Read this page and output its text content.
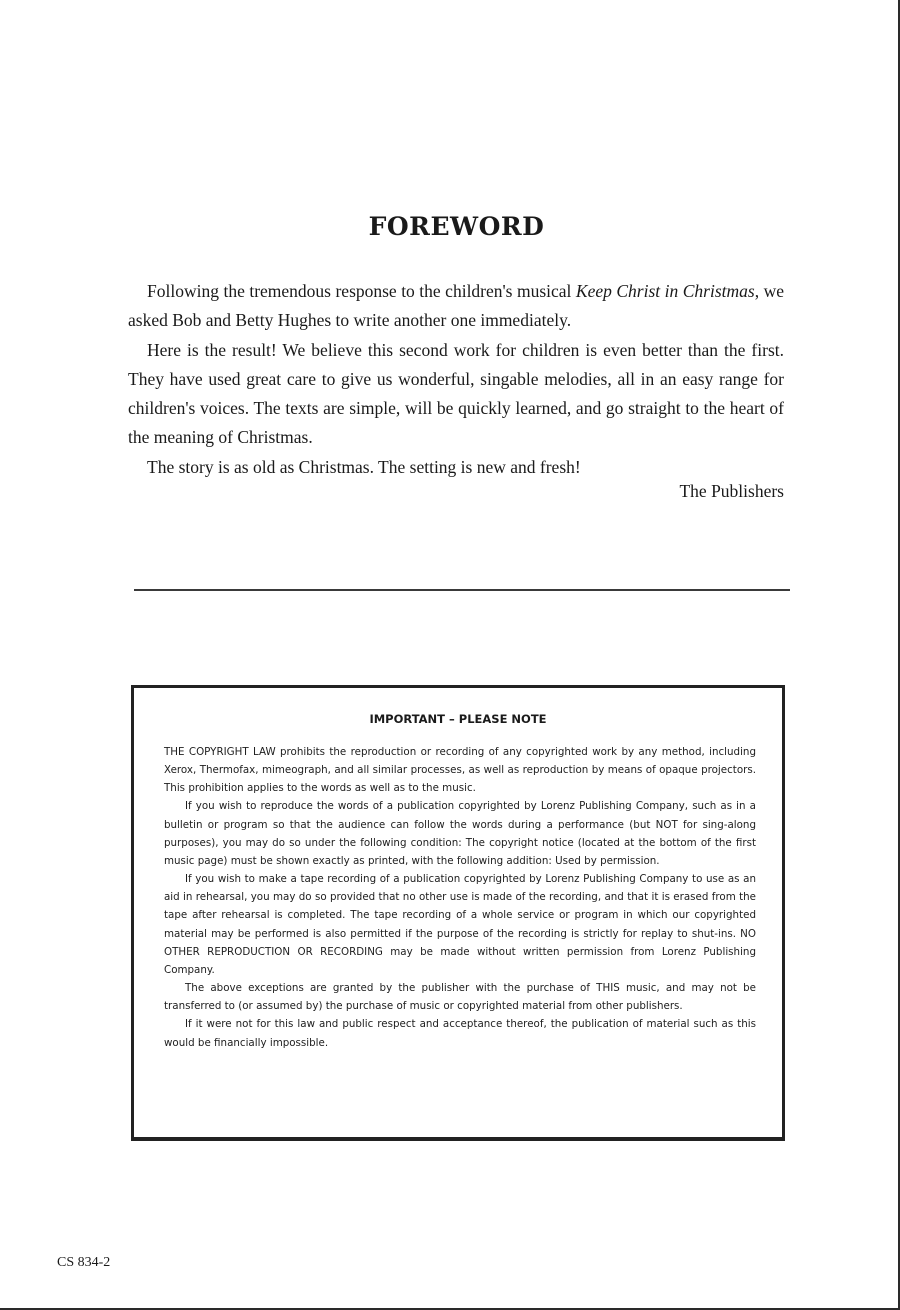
FOREWORD

Following the tremendous response to the children's musical Keep Christ in Christmas, we asked Bob and Betty Hughes to write another one immediately.

Here is the result! We believe this second work for children is even better than the first. They have used great care to give us wonderful, singable melodies, all in an easy range for children's voices. The texts are simple, will be quickly learned, and go straight to the heart of the meaning of Christmas.

The story is as old as Christmas. The setting is new and fresh!

The Publishers
IMPORTANT – PLEASE NOTE

THE COPYRIGHT LAW prohibits the reproduction or recording of any copyrighted work by any method, including Xerox, Thermofax, mimeograph, and all similar processes, as well as reproduction by means of opaque projectors. This prohibition applies to the words as well as to the music.

If you wish to reproduce the words of a publication copyrighted by Lorenz Publishing Company, such as in a bulletin or program so that the audience can follow the words during a performance (but NOT for sing-along purposes), you may do so under the following condition: The copyright notice (located at the bottom of the first music page) must be shown exactly as printed, with the following addition: Used by permission.

If you wish to make a tape recording of a publication copyrighted by Lorenz Publishing Company to use as an aid in rehearsal, you may do so provided that no other use is made of the recording, and that it is erased from the tape after rehearsal is completed. The tape recording of a whole service or program in which our copyrighted material may be performed is also permitted if the purpose of the recording is strictly for replay to shut-ins. NO OTHER REPRODUCTION OR RECORDING may be made without written permission from Lorenz Publishing Company.

The above exceptions are granted by the publisher with the purchase of THIS music, and may not be transferred to (or assumed by) the purchase of music or copyrighted material from other publishers.

If it were not for this law and public respect and acceptance thereof, the publication of material such as this would be financially impossible.

CS 834-2
